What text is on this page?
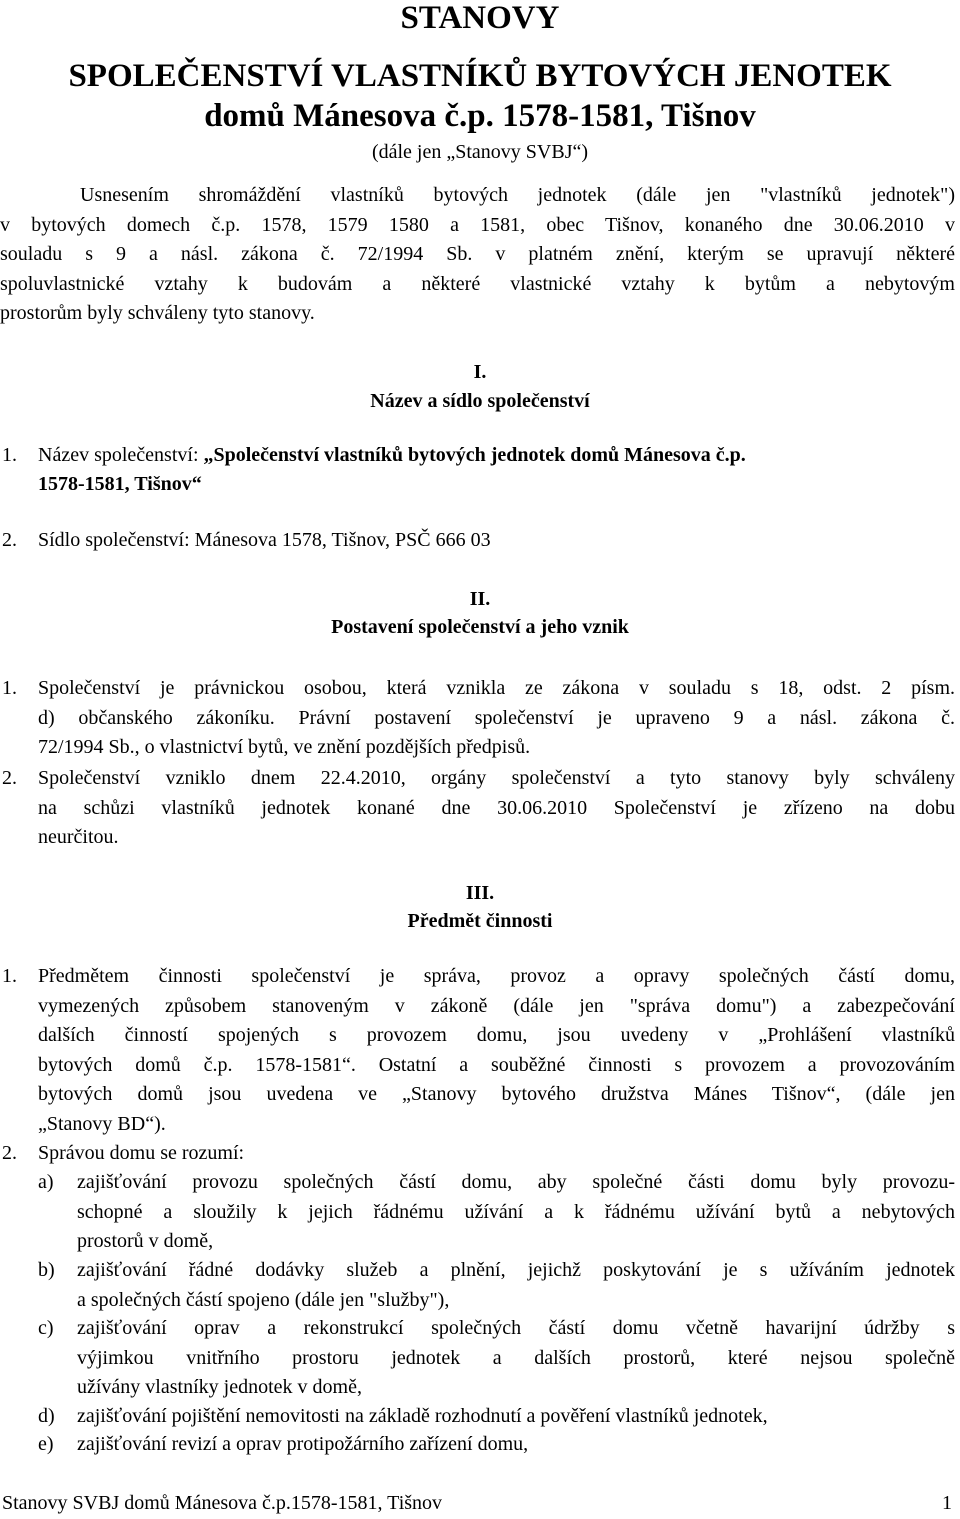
STANOVY
SPOLEČENSTVÍ VLASTNÍKŮ BYTOVÝCH JENOTEK
domů Mánesova č.p. 1578-1581, Tišnov
(dále jen „Stanovy SVBJ“)
Usnesením shromáždění vlastníků bytových jednotek (dále jen "vlastníků jednotek")
v bytových domech č.p. 1578, 1579 1580 a 1581, obec Tišnov, konaného dne 30.06.2010 v
souladu s 9 a násl. zákona č. 72/1994 Sb. v platném znění, kterým se upravují některé
spoluvlastnické vztahy k budovám a některé vlastnické vztahy k bytům a nebytovým
prostorům byly schváleny tyto stanovy.
I.
Název a sídlo společenství
1. Název společenství: „Společenství vlastníků bytových jednotek domů Mánesova č.p.
1578-1581, Tišnov“
2. Sídlo společenství: Mánesova 1578, Tišnov, PSČ 666 03
II.
Postavení společenství a jeho vznik
1. Společenství je právnickou osobou, která vznikla ze zákona v souladu s 18, odst. 2 písm.
d) občanského zákoníku. Právní postavení společenství je upraveno 9 a násl. zákona č.
72/1994 Sb., o vlastnictví bytů, ve znění pozdějších předpisů.
2. Společenství vzniklo dnem 22.4.2010, orgány společenství a tyto stanovy byly schváleny
na schůzi vlastníků jednotek konané dne 30.06.2010 Společenství je zřízeno na dobu
neurčitou.
III.
Předmět činnosti
1. Předmětem činnosti společenství je správa, provoz a opravy společných částí domu,
vymezených způsobem stanoveným v zákoně (dále jen "správa domu") a zabezpečování
dalších činností spojených s provozem domu, jsou uvedeny v „Prohlášení vlastníků
bytových domů č.p. 1578-1581“. Ostatní a souběžné činnosti s provozem a provozováním
bytových domů jsou uvedena ve „Stanovy bytového družstva Mánes Tišnov“, (dále jen
„Stanovy BD“).
2. Správou domu se rozumí:
a) zajišťování provozu společných částí domu, aby společné části domu byly provozu-
schopné a sloužily k jejich řádnému užívání a k řádnému užívání bytů a nebytových
prostorů v domě,
b) zajišťování řádné dodávky služeb a plnění, jejichž poskytování je s užíváním jednotek
a společných částí spojeno (dále jen "služby"),
c) zajišťování oprav a rekonstrukcí společných částí domu včetně havarijní údržby s
výjimkou vnitřního prostoru jednotek a dalších prostorů, které nejsou společně
užívány vlastníky jednotek v domě,
d) zajišťování pojištění nemovitosti na základě rozhodnutí a pověření vlastníků jednotek,
e) zajišťování revizí a oprav protipožárního zařízení domu,
Stanovy SVBJ domů Mánesova č.p.1578-1581, Tišnov	1
